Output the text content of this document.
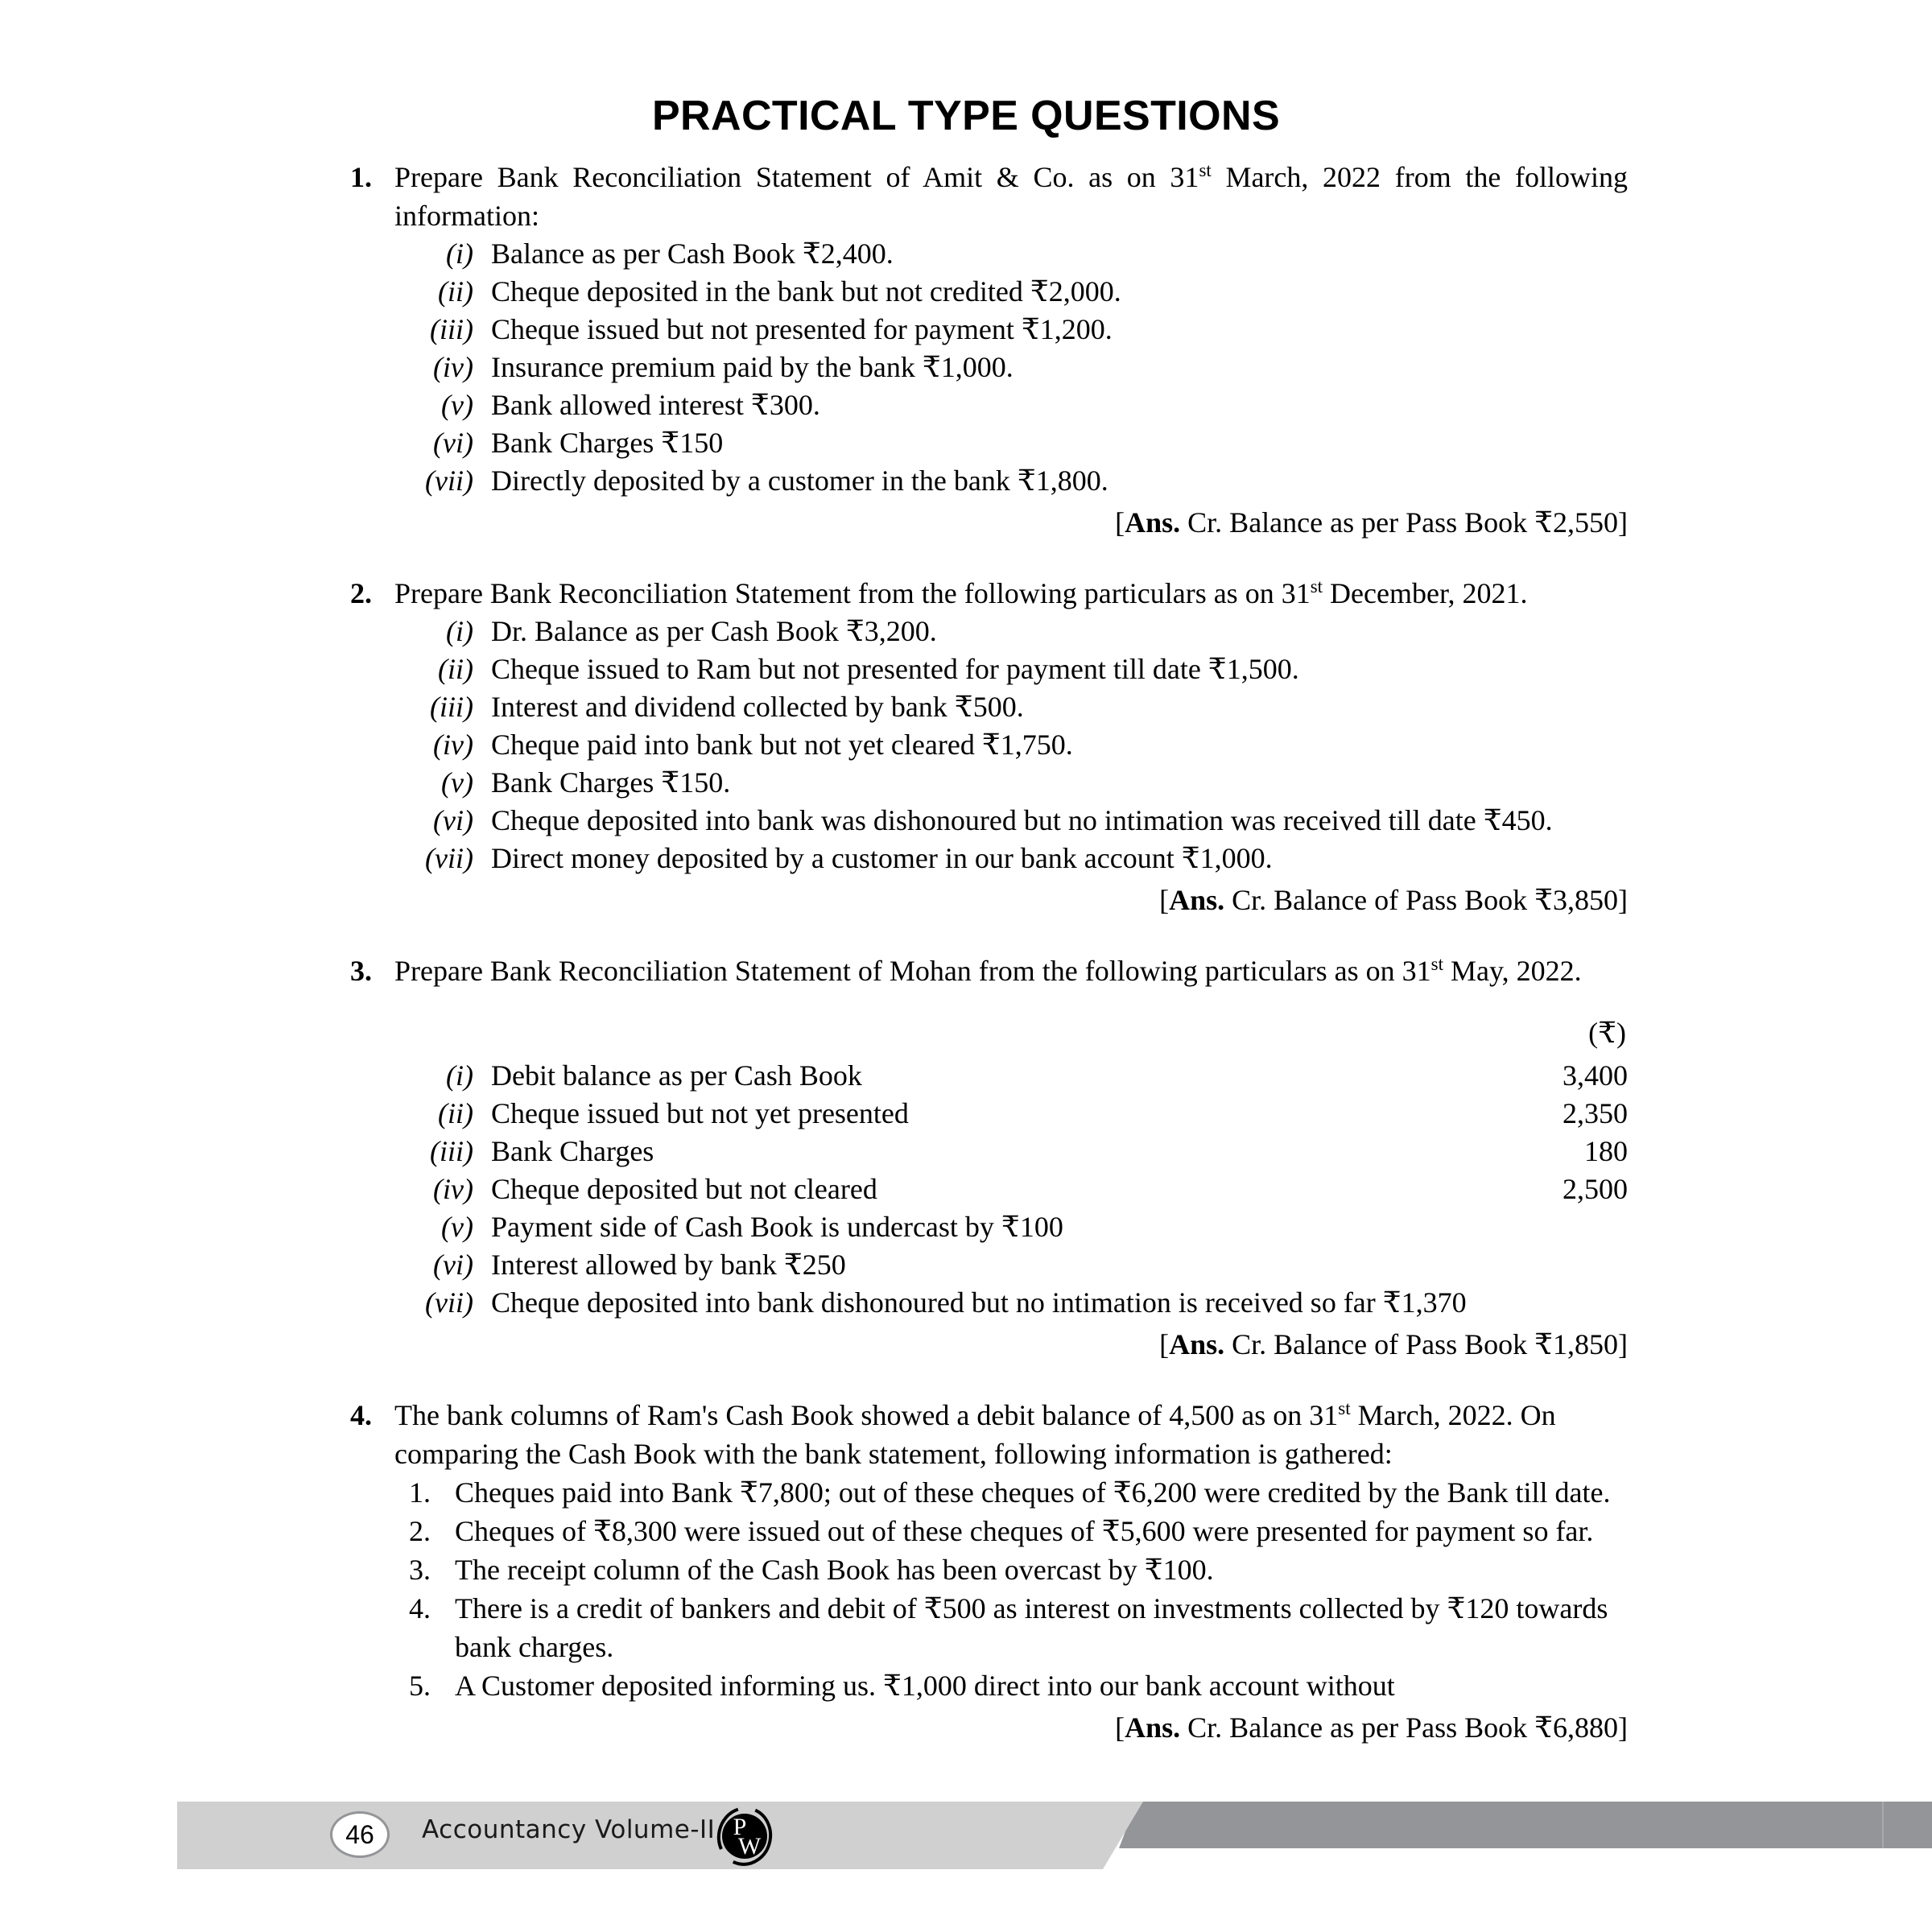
PRACTICAL TYPE QUESTIONS
1. Prepare Bank Reconciliation Statement of Amit & Co. as on 31st March, 2022 from the following information:
(i) Balance as per Cash Book ₹2,400.
(ii) Cheque deposited in the bank but not credited ₹2,000.
(iii) Cheque issued but not presented for payment ₹1,200.
(iv) Insurance premium paid by the bank ₹1,000.
(v) Bank allowed interest ₹300.
(vi) Bank Charges ₹150
(vii) Directly deposited by a customer in the bank ₹1,800.
[Ans. Cr. Balance as per Pass Book ₹2,550]
2. Prepare Bank Reconciliation Statement from the following particulars as on 31st December, 2021.
(i) Dr. Balance as per Cash Book ₹3,200.
(ii) Cheque issued to Ram but not presented for payment till date ₹1,500.
(iii) Interest and dividend collected by bank ₹500.
(iv) Cheque paid into bank but not yet cleared ₹1,750.
(v) Bank Charges ₹150.
(vi) Cheque deposited into bank was dishonoured but no intimation was received till date ₹450.
(vii) Direct money deposited by a customer in our bank account ₹1,000.
[Ans. Cr. Balance of Pass Book ₹3,850]
3. Prepare Bank Reconciliation Statement of Mohan from the following particulars as on 31st May, 2022.
(₹)
(i) Debit balance as per Cash Book	3,400
(ii) Cheque issued but not yet presented	2,350
(iii) Bank Charges	180
(iv) Cheque deposited but not cleared	2,500
(v) Payment side of Cash Book is undercast by ₹100
(vi) Interest allowed by bank ₹250
(vii) Cheque deposited into bank dishonoured but no intimation is received so far ₹1,370
[Ans. Cr. Balance of Pass Book ₹1,850]
4. The bank columns of Ram's Cash Book showed a debit balance of 4,500 as on 31st March, 2022. On comparing the Cash Book with the bank statement, following information is gathered:
1. Cheques paid into Bank ₹7,800; out of these cheques of ₹6,200 were credited by the Bank till date.
2. Cheques of ₹8,300 were issued out of these cheques of ₹5,600 were presented for payment so far.
3. The receipt column of the Cash Book has been overcast by ₹100.
4. There is a credit of bankers and debit of ₹500 as interest on investments collected by ₹120 towards bank charges.
5. A Customer deposited informing us. ₹1,000 direct into our bank account without
[Ans. Cr. Balance as per Pass Book ₹6,880]
46	Accountancy Volume-II P
W
